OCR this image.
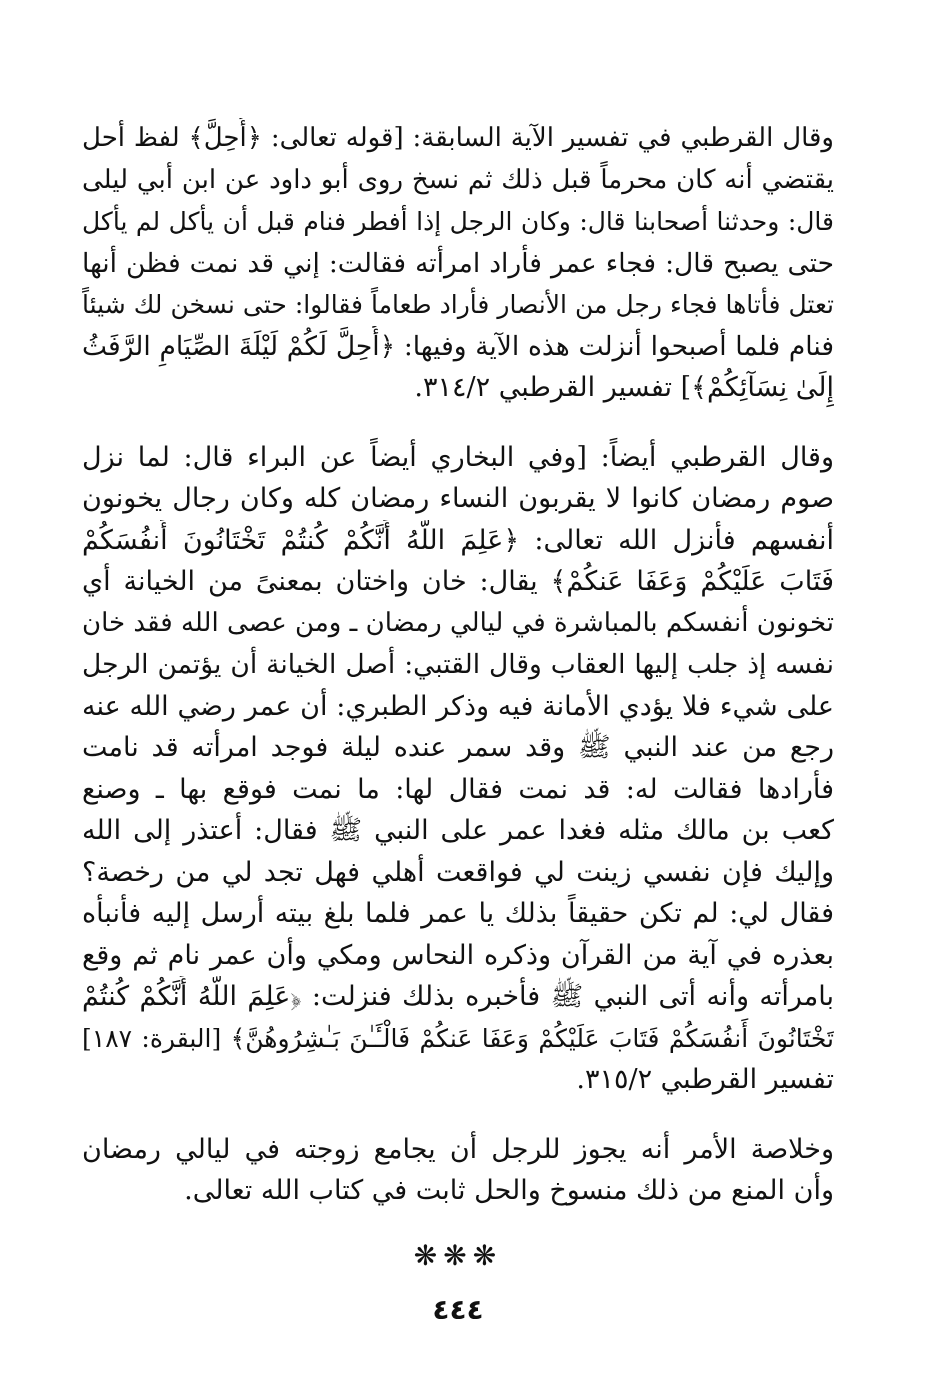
وقال القرطبي في تفسير الآية السابقة: [قوله تعالى: ﴿أُحِلَّ﴾ لفظ أحل
يقتضي أنه كان محرماً قبل ذلك ثم نسخ روى أبو داود عن ابن أبي ليلى
قال: وحدثنا أصحابنا قال: وكان الرجل إذا أفطر فنام قبل أن يأكل لم يأكل
حتى يصبح قال: فجاء عمر فأراد امرأته فقالت: إني قد نمت فظن أنها
تعتل فأتاها فجاء رجل من الأنصار فأراد طعاماً فقالوا: حتى نسخن لك شيئاً
فنام فلما أصبحوا أنزلت هذه الآية وفيها: ﴿أُحِلَّ لَكُمْ لَيْلَةَ الصِّيَامِ الرَّفَثُ
إِلَىٰ نِسَآئِكُمْ﴾] تفسير القرطبي ٣١٤/٢.
وقال القرطبي أيضاً: [وفي البخاري أيضاً عن البراء قال: لما نزل
صوم رمضان كانوا لا يقربون النساء رمضان كله وكان رجال يخونون
أنفسهم فأنزل الله تعالى: ﴿عَلِمَ اللَّهُ أَنَّكُمْ كُنتُمْ تَخْتَانُونَ أَنفُسَكُمْ
فَتَابَ عَلَيْكُمْ وَعَفَا عَنكُمْ﴾ يقال: خان واختان بمعنىً من الخيانة أي
تخونون أنفسكم بالمباشرة في ليالي رمضان ـ ومن عصى الله فقد خان
نفسه إذ جلب إليها العقاب وقال القتبي: أصل الخيانة أن يؤتمن الرجل
على شيء فلا يؤدي الأمانة فيه وذكر الطبري: أن عمر رضي الله عنه
رجع من عند النبي ﷺ وقد سمر عنده ليلة فوجد امرأته قد نامت
فأرادها فقالت له: قد نمت فقال لها: ما نمت فوقع بها ـ وصنع
كعب بن مالك مثله فغدا عمر على النبي ﷺ فقال: أعتذر إلى الله
وإليك فإن نفسي زينت لي فواقعت أهلي فهل تجد لي من رخصة؟
فقال لي: لم تكن حقيقاً بذلك يا عمر فلما بلغ بيته أرسل إليه فأنبأه
بعذره في آية من القرآن وذكره النحاس ومكي وأن عمر نام ثم وقع
بامرأته وأنه أتى النبي ﷺ فأخبره بذلك فنزلت: ﴿عَلِمَ اللَّهُ أَنَّكُمْ كُنتُمْ
تَخْتَانُونَ أَنفُسَكُمْ فَتَابَ عَلَيْكُمْ وَعَفَا عَنكُمْ فَالْـَٔـٰنَ بَـٰشِرُوهُنَّ﴾ [البقرة: ١٨٧]
تفسير القرطبي ٣١٥/٢.
وخلاصة الأمر أنه يجوز للرجل أن يجامع زوجته في ليالي رمضان
وأن المنع من ذلك منسوخ والحل ثابت في كتاب الله تعالى.
❋❋❋
٤٤٤
